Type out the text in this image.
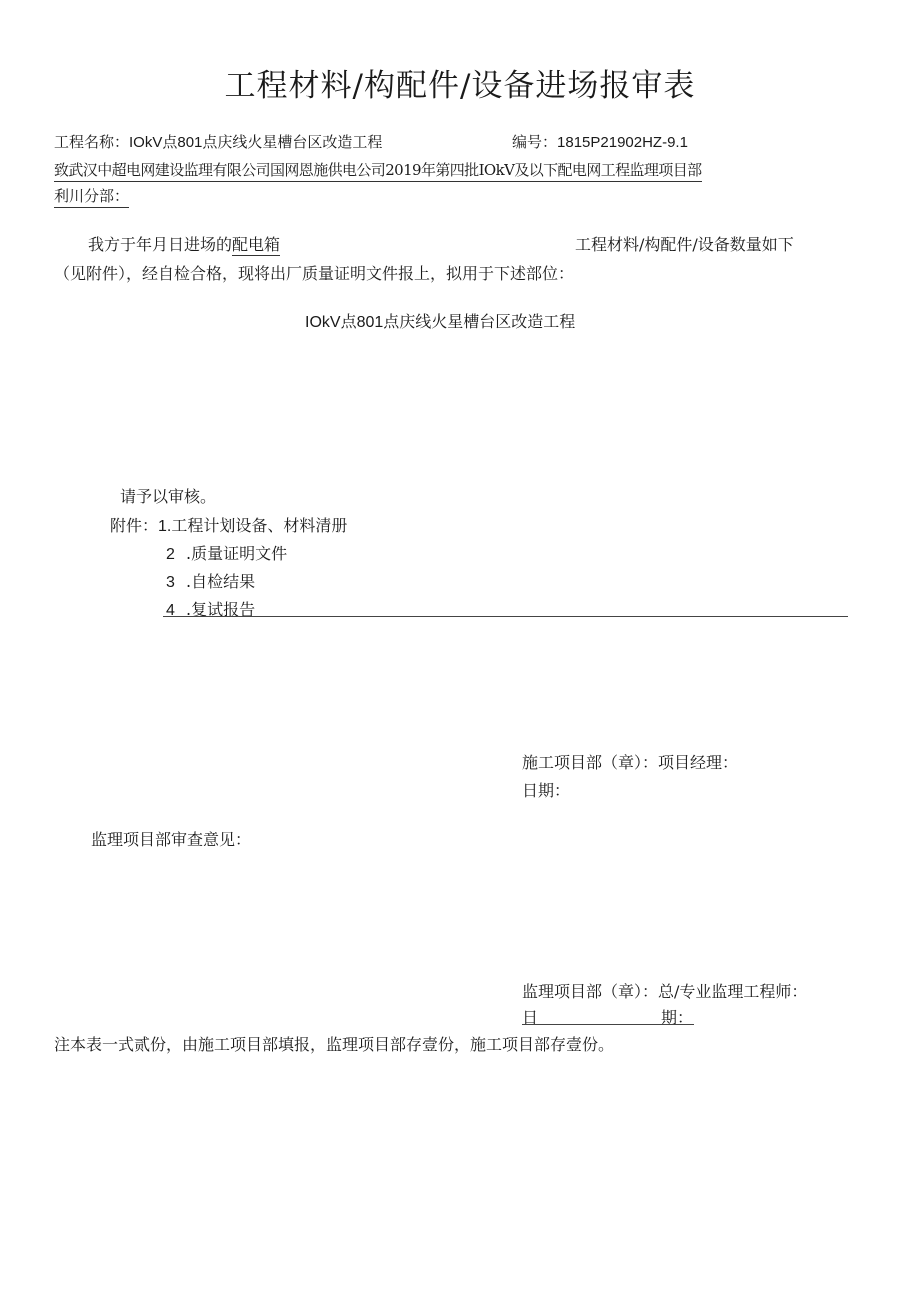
工程材料/构配件/设备进场报审表
工程名称：IOkV点801点庆线火星槽台区改造工程	编号：1815P21902HZ-9.1
致武汉中超电网建设监理有限公司国网恩施供电公司2019年第四批IOkV及以下配电网工程监理项目部
利川分部：
我方于年月日进场的配电箱	工程材料/构配件/设备数量如下
（见附件），经自检合格，现将出厂质量证明文件报上，拟用于下述部位：
IOkV点801点庆线火星槽台区改造工程
请予以审核。
附件：1.工程计划设备、材料清册
2 .质量证明文件
3 .自检结果
4 .复试报告
施工项目部（章）：项目经理：
日期：
监理项目部审查意见：
监理项目部（章）：总/专业监理工程师：
日	期：
注本表一式贰份，由施工项目部填报，监理项目部存壹份，施工项目部存壹份。
